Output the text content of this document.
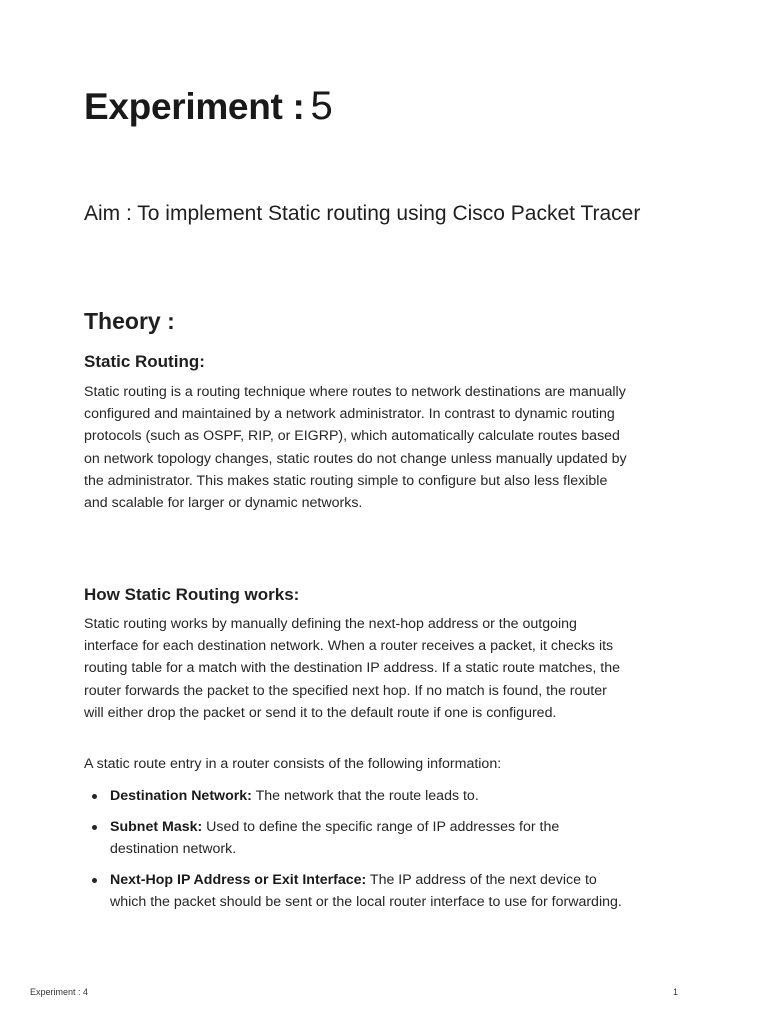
Experiment : 5
Aim : To implement Static routing using Cisco Packet Tracer
Theory :
Static Routing:

Static routing is a routing technique where routes to network destinations are manually configured and maintained by a network administrator. In contrast to dynamic routing protocols (such as OSPF, RIP, or EIGRP), which automatically calculate routes based on network topology changes, static routes do not change unless manually updated by the administrator. This makes static routing simple to configure but also less flexible and scalable for larger or dynamic networks.

How Static Routing works:

Static routing works by manually defining the next-hop address or the outgoing interface for each destination network. When a router receives a packet, it checks its routing table for a match with the destination IP address. If a static route matches, the router forwards the packet to the specified next hop. If no match is found, the router will either drop the packet or send it to the default route if one is configured.

A static route entry in a router consists of the following information:

Destination Network: The network that the route leads to.
Subnet Mask: Used to define the specific range of IP addresses for the destination network.
Next-Hop IP Address or Exit Interface: The IP address of the next device to which the packet should be sent or the local router interface to use for forwarding.
Experiment : 4	1
